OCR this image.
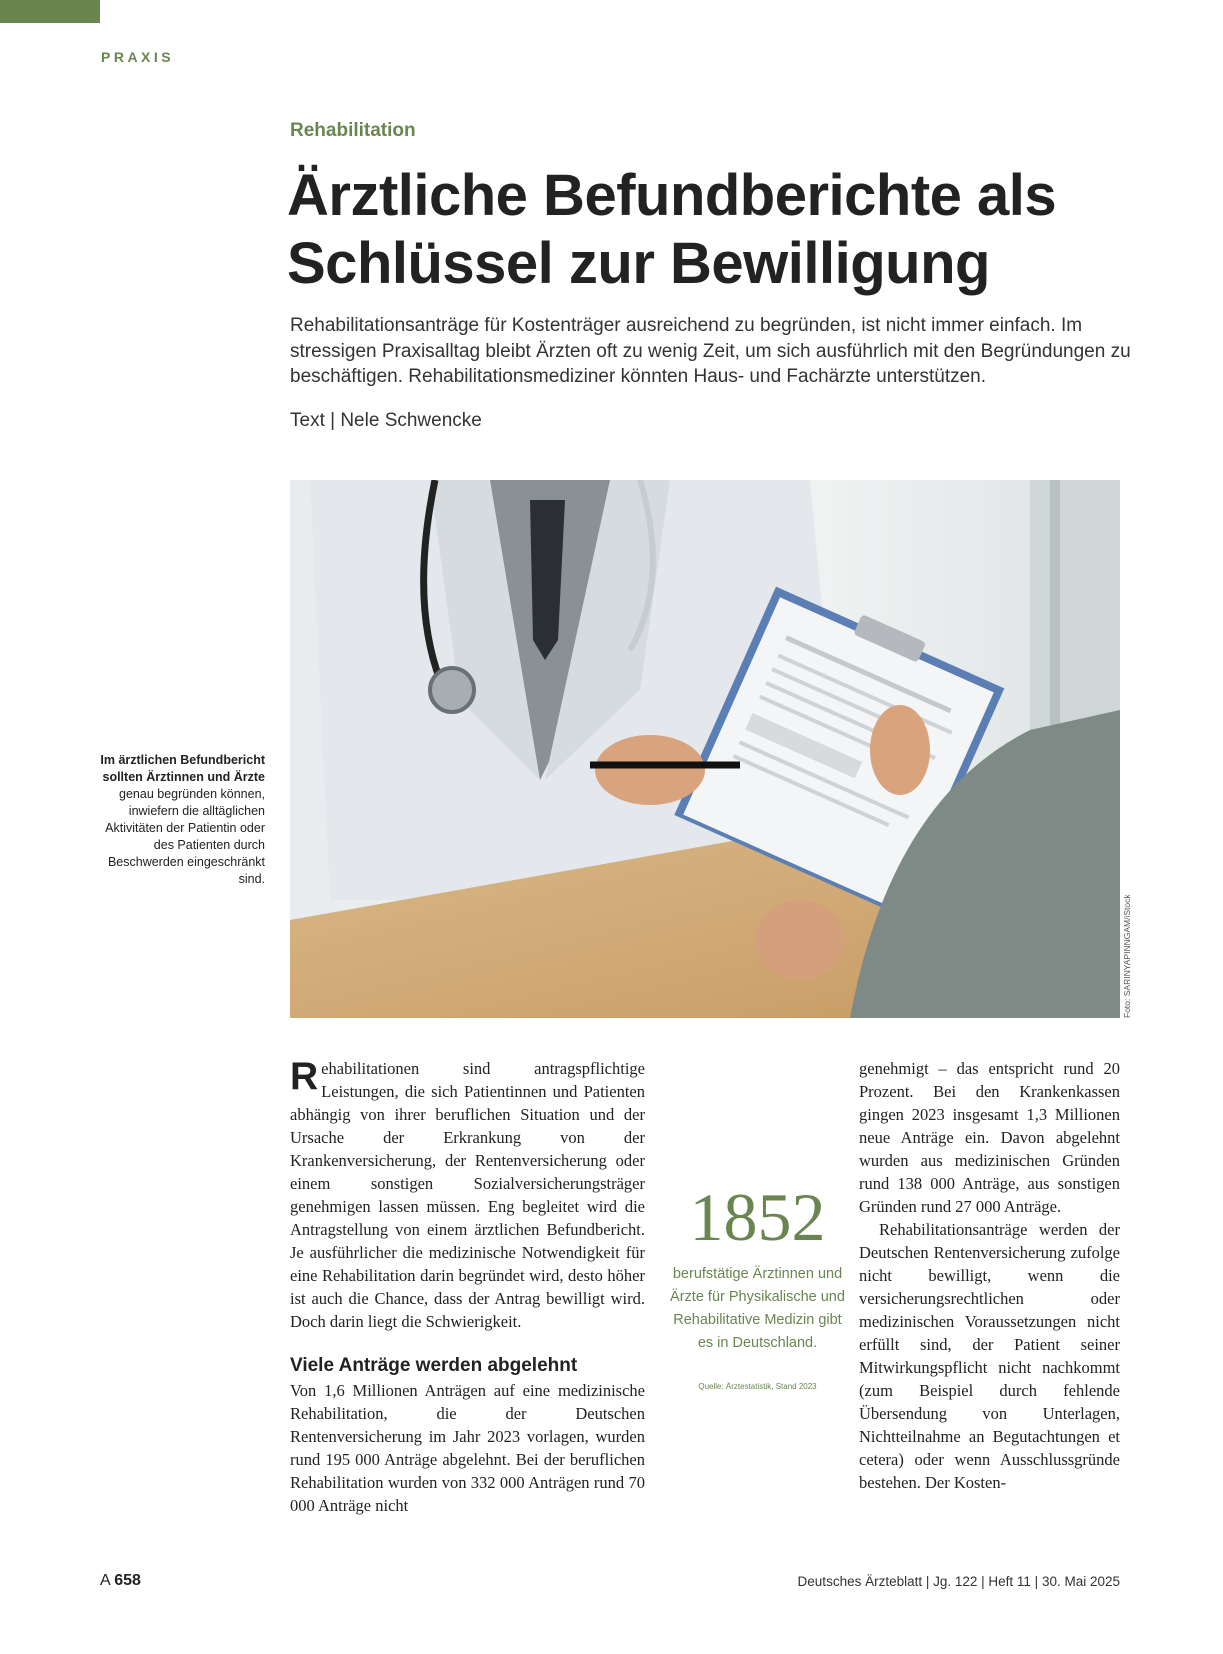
PRAXIS
Rehabilitation
Ärztliche Befundberichte als
Schlüssel zur Bewilligung

Rehabilitationsanträge für Kostenträger ausreichend zu begründen, ist nicht immer einfach. Im stressigen Praxisalltag bleibt Ärzten oft zu wenig Zeit, um sich ausführlich mit den Begründungen zu beschäftigen. Rehabilitationsmediziner könnten Haus- und Fachärzte unterstützen.

Text | Nele Schwencke
Foto: SARINYAPINNGAM/iStock
Im ärztlichen Befundbericht sollten Ärztinnen und Ärzte genau begründen können, inwiefern die alltäglichen Aktivitäten der Patientin oder des Patienten durch Beschwerden eingeschränkt sind.

Rehabilitationen sind antragspflichtige Leistungen, die sich Patientinnen und Patienten abhängig von ihrer beruflichen Situation und der Ursache der Erkrankung von der Krankenversicherung, der Rentenversicherung oder einem sonstigen Sozialversicherungsträger genehmigen lassen müssen. Eng begleitet wird die Antragstellung von einem ärztlichen Befundbericht. Je ausführlicher die medizinische Notwendigkeit für eine Rehabilitation darin begründet wird, desto höher ist auch die Chance, dass der Antrag bewilligt wird. Doch darin liegt die Schwierigkeit.

Viele Anträge werden abgelehnt

Von 1,6 Millionen Anträgen auf eine medizinische Rehabilitation, die der Deutschen Rentenversicherung im Jahr 2023 vorlagen, wurden rund 195 000 Anträge abgelehnt. Bei der beruflichen Rehabilitation wurden von 332 000 Anträgen rund 70 000 Anträge nicht

1852
berufstätige Ärztinnen und Ärzte für Physikalische und Rehabilitative Medizin gibt es in Deutschland.
Quelle: Ärztestatistik, Stand 2023

genehmigt – das entspricht rund 20 Prozent. Bei den Krankenkassen gingen 2023 insgesamt 1,3 Millionen neue Anträge ein. Davon abgelehnt wurden aus medizinischen Gründen rund 138 000 Anträge, aus sonstigen Gründen rund 27 000 Anträge.

Rehabilitationsanträge werden der Deutschen Rentenversicherung zufolge nicht bewilligt, wenn die versicherungsrechtlichen oder medizinischen Voraussetzungen nicht erfüllt sind, der Patient seiner Mitwirkungspflicht nicht nachkommt (zum Beispiel durch fehlende Übersendung von Unterlagen, Nichtteilnahme an Begutachtungen et cetera) oder wenn Ausschlussgründe bestehen. Der Kosten-

A 658	Deutsches Ärzteblatt | Jg. 122 | Heft 11 | 30. Mai 2025
